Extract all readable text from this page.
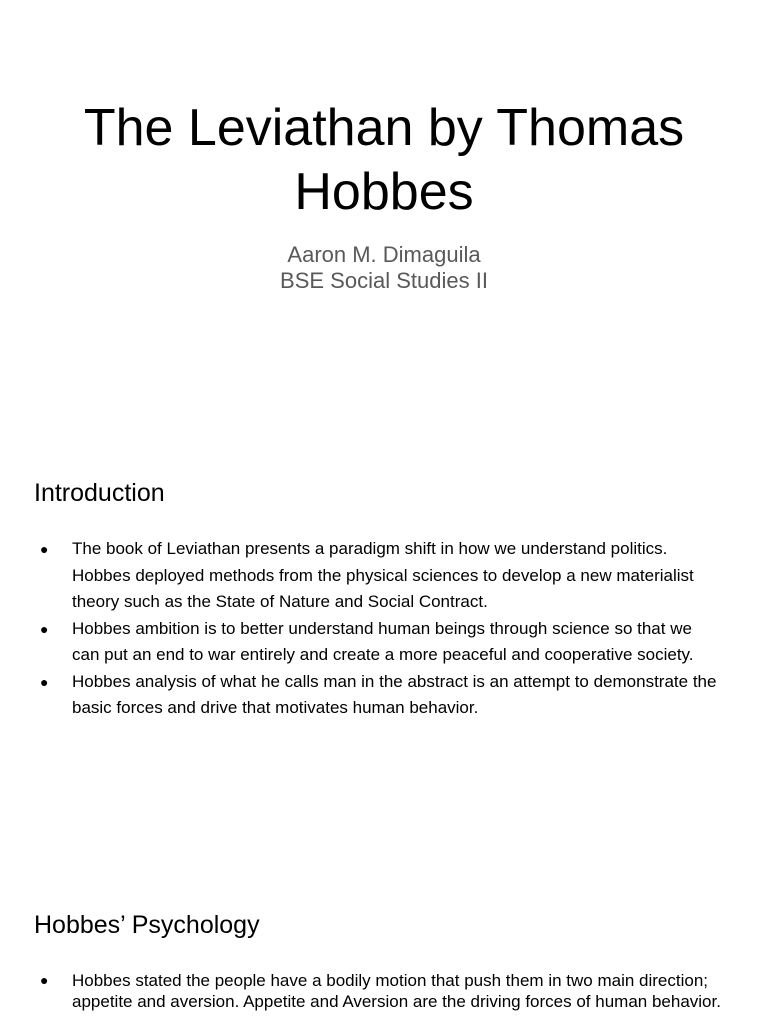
The Leviathan by Thomas Hobbes
Aaron M. Dimaguila
BSE Social Studies II
Introduction
● The book of Leviathan presents a paradigm shift in how we understand politics. Hobbes deployed methods from the physical sciences to develop a new materialist theory such as the State of Nature and Social Contract.
● Hobbes ambition is to better understand human beings through science so that we can put an end to war entirely and create a more peaceful and cooperative society.
● Hobbes analysis of what he calls man in the abstract is an attempt to demonstrate the basic forces and drive that motivates human behavior.
Hobbes’ Psychology
● Hobbes stated the people have a bodily motion that push them in two main direction; appetite and aversion. Appetite and Aversion are the driving forces of human behavior.
